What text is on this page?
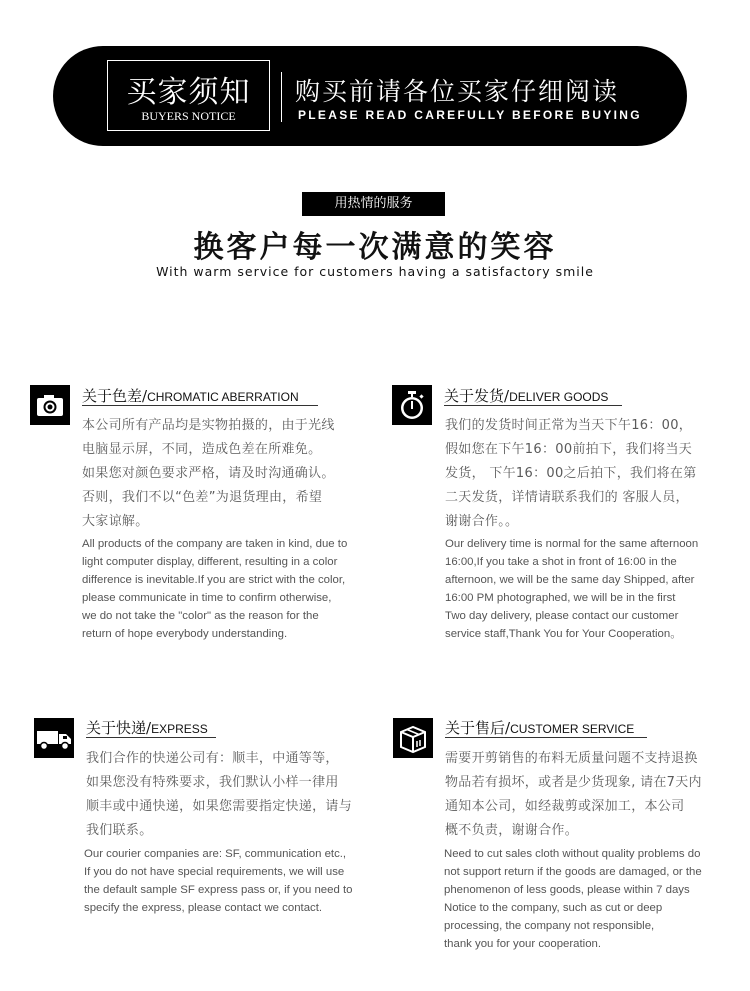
买家须知
BUYERS NOTICE
购买前请各位买家仔细阅读
PLEASE READ CAREFULLY BEFORE BUYING
用热情的服务
换客户每一次满意的笑容
With warm service for customers having a satisfactory smile
关于色差/CHROMATIC ABERRATION
本公司所有产品均是实物拍摄的，由于光线
电脑显示屏，不同，造成色差在所难免。
如果您对颜色要求严格，请及时沟通确认。
否则，我们不以“色差”为退货理由，希望
大家谅解。
All products of the company are taken in kind, due to
light computer display, different, resulting in a color
difference is inevitable.If you are strict with the color,
please communicate in time to confirm otherwise,
we do not take the "color" as the reason for the
return of hope everybody understanding.
关于发货/DELIVER GOODS
我们的发货时间正常为当天下午16：00，
假如您在下午16：00前拍下，我们将当天
发货， 下午16：00之后拍下，我们将在第
二天发货，详情请联系我们的 客服人员，
谢谢合作。。
Our delivery time is normal for the same afternoon
16:00,If you take a shot in front of 16:00 in the
afternoon, we will be the same day Shipped, after
16:00 PM photographed, we will be in the first
Two day delivery, please contact our customer
service staff,Thank You for Your Cooperation。
关于快递/EXPRESS
我们合作的快递公司有：顺丰，中通等等，
如果您没有特殊要求，我们默认小样一律用
顺丰或中通快递，如果您需要指定快递，请与
我们联系。
Our courier companies are: SF, communication etc.,
If you do not have special requirements, we will use
the default sample SF express pass or, if you need to
specify the express, please contact we contact.
关于售后/CUSTOMER SERVICE
需要开剪销售的布料无质量问题不支持退换
物品若有损坏，或者是少货现象, 请在7天内
通知本公司，如经裁剪或深加工，本公司
概不负责，谢谢合作。
Need to cut sales cloth without quality problems do
not support return if the goods are damaged, or the
phenomenon of less goods, please within 7 days
Notice to the company, such as cut or deep
processing, the company not responsible,
thank you for your cooperation.
